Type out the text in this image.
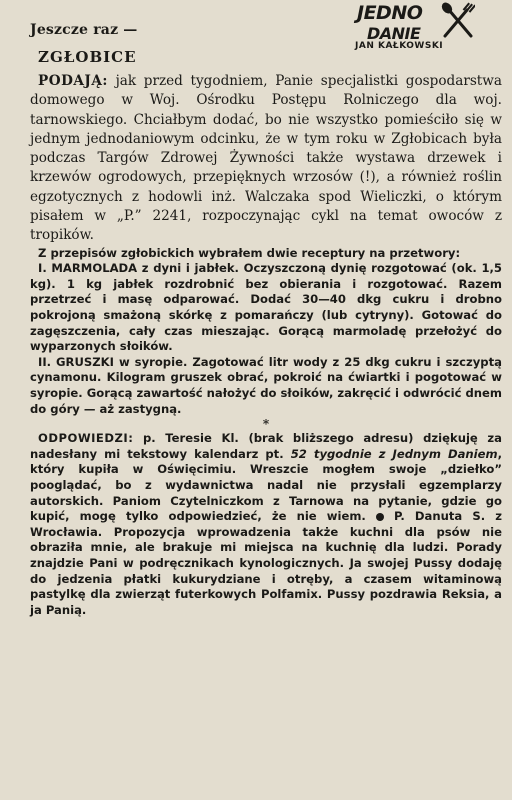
Jeszcze raz —
ZGŁOBICE
JEDNO
DANIE
JAN KAŁKOWSKI

PODAJĄ: jak przed tygodniem, Panie specjalistki gospodarstwa domowego w Woj. Ośrodku Postępu Rolniczego dla woj. tarnowskiego. Chciałbym dodać, bo nie wszystko pomieściło się w jednym jednodaniowym odcinku, że w tym roku w Zgłobicach była podczas Targów Zdrowej Żywności także wystawa drzewek i krzewów ogrodowych, przepięknych wrzosów (!), a również roślin egzotycznych z hodowli inż. Walczaka spod Wieliczki, o którym pisałem w „P.” 2241, rozpoczynając cykl na temat owoców z tropików.

Z przepisów zgłobickich wybrałem dwie receptury na przetwory:

I. MARMOLADA z dyni i jabłek. Oczyszczoną dynię rozgotować (ok. 1,5 kg). 1 kg jabłek rozdrobnić bez obierania i rozgotować. Razem przetrzeć i masę odparować. Dodać 30—40 dkg cukru i drobno pokrojoną smażoną skórkę z pomarańczy (lub cytryny). Gotować do zagęszczenia, cały czas mieszając. Gorącą marmoladę przełożyć do wyparzonych słoików.

II. GRUSZKI w syropie. Zagotować litr wody z 25 dkg cukru i szczyptą cynamonu. Kilogram gruszek obrać, pokroić na ćwiartki i pogotować w syropie. Gorącą zawartość nałożyć do słoików, zakręcić i odwrócić dnem do góry — aż zastygną.

*

ODPOWIEDZI: p. Teresie Kl. (brak bliższego adresu) dziękuję za nadesłany mi tekstowy kalendarz pt. 52 tygodnie z Jednym Daniem, który kupiła w Oświęcimiu. Wreszcie mogłem swoje „dziełko” pooglądać, bo z wydawnictwa nadal nie przysłali egzemplarzy autorskich. Paniom Czytelniczkom z Tarnowa na pytanie, gdzie go kupić, mogę tylko odpowiedzieć, że nie wiem.  P. Danuta S. z Wrocławia. Propozycja wprowadzenia także kuchni dla psów nie obraziła mnie, ale brakuje mi miejsca na kuchnię dla ludzi. Porady znajdzie Pani w podręcznikach kynologicznych. Ja swojej Pussy dodaję do jedzenia płatki kukurydziane i otręby, a czasem witaminową pastylkę dla zwierząt futerkowych Polfamix. Pussy pozdrawia Reksia, a ja Panią.
